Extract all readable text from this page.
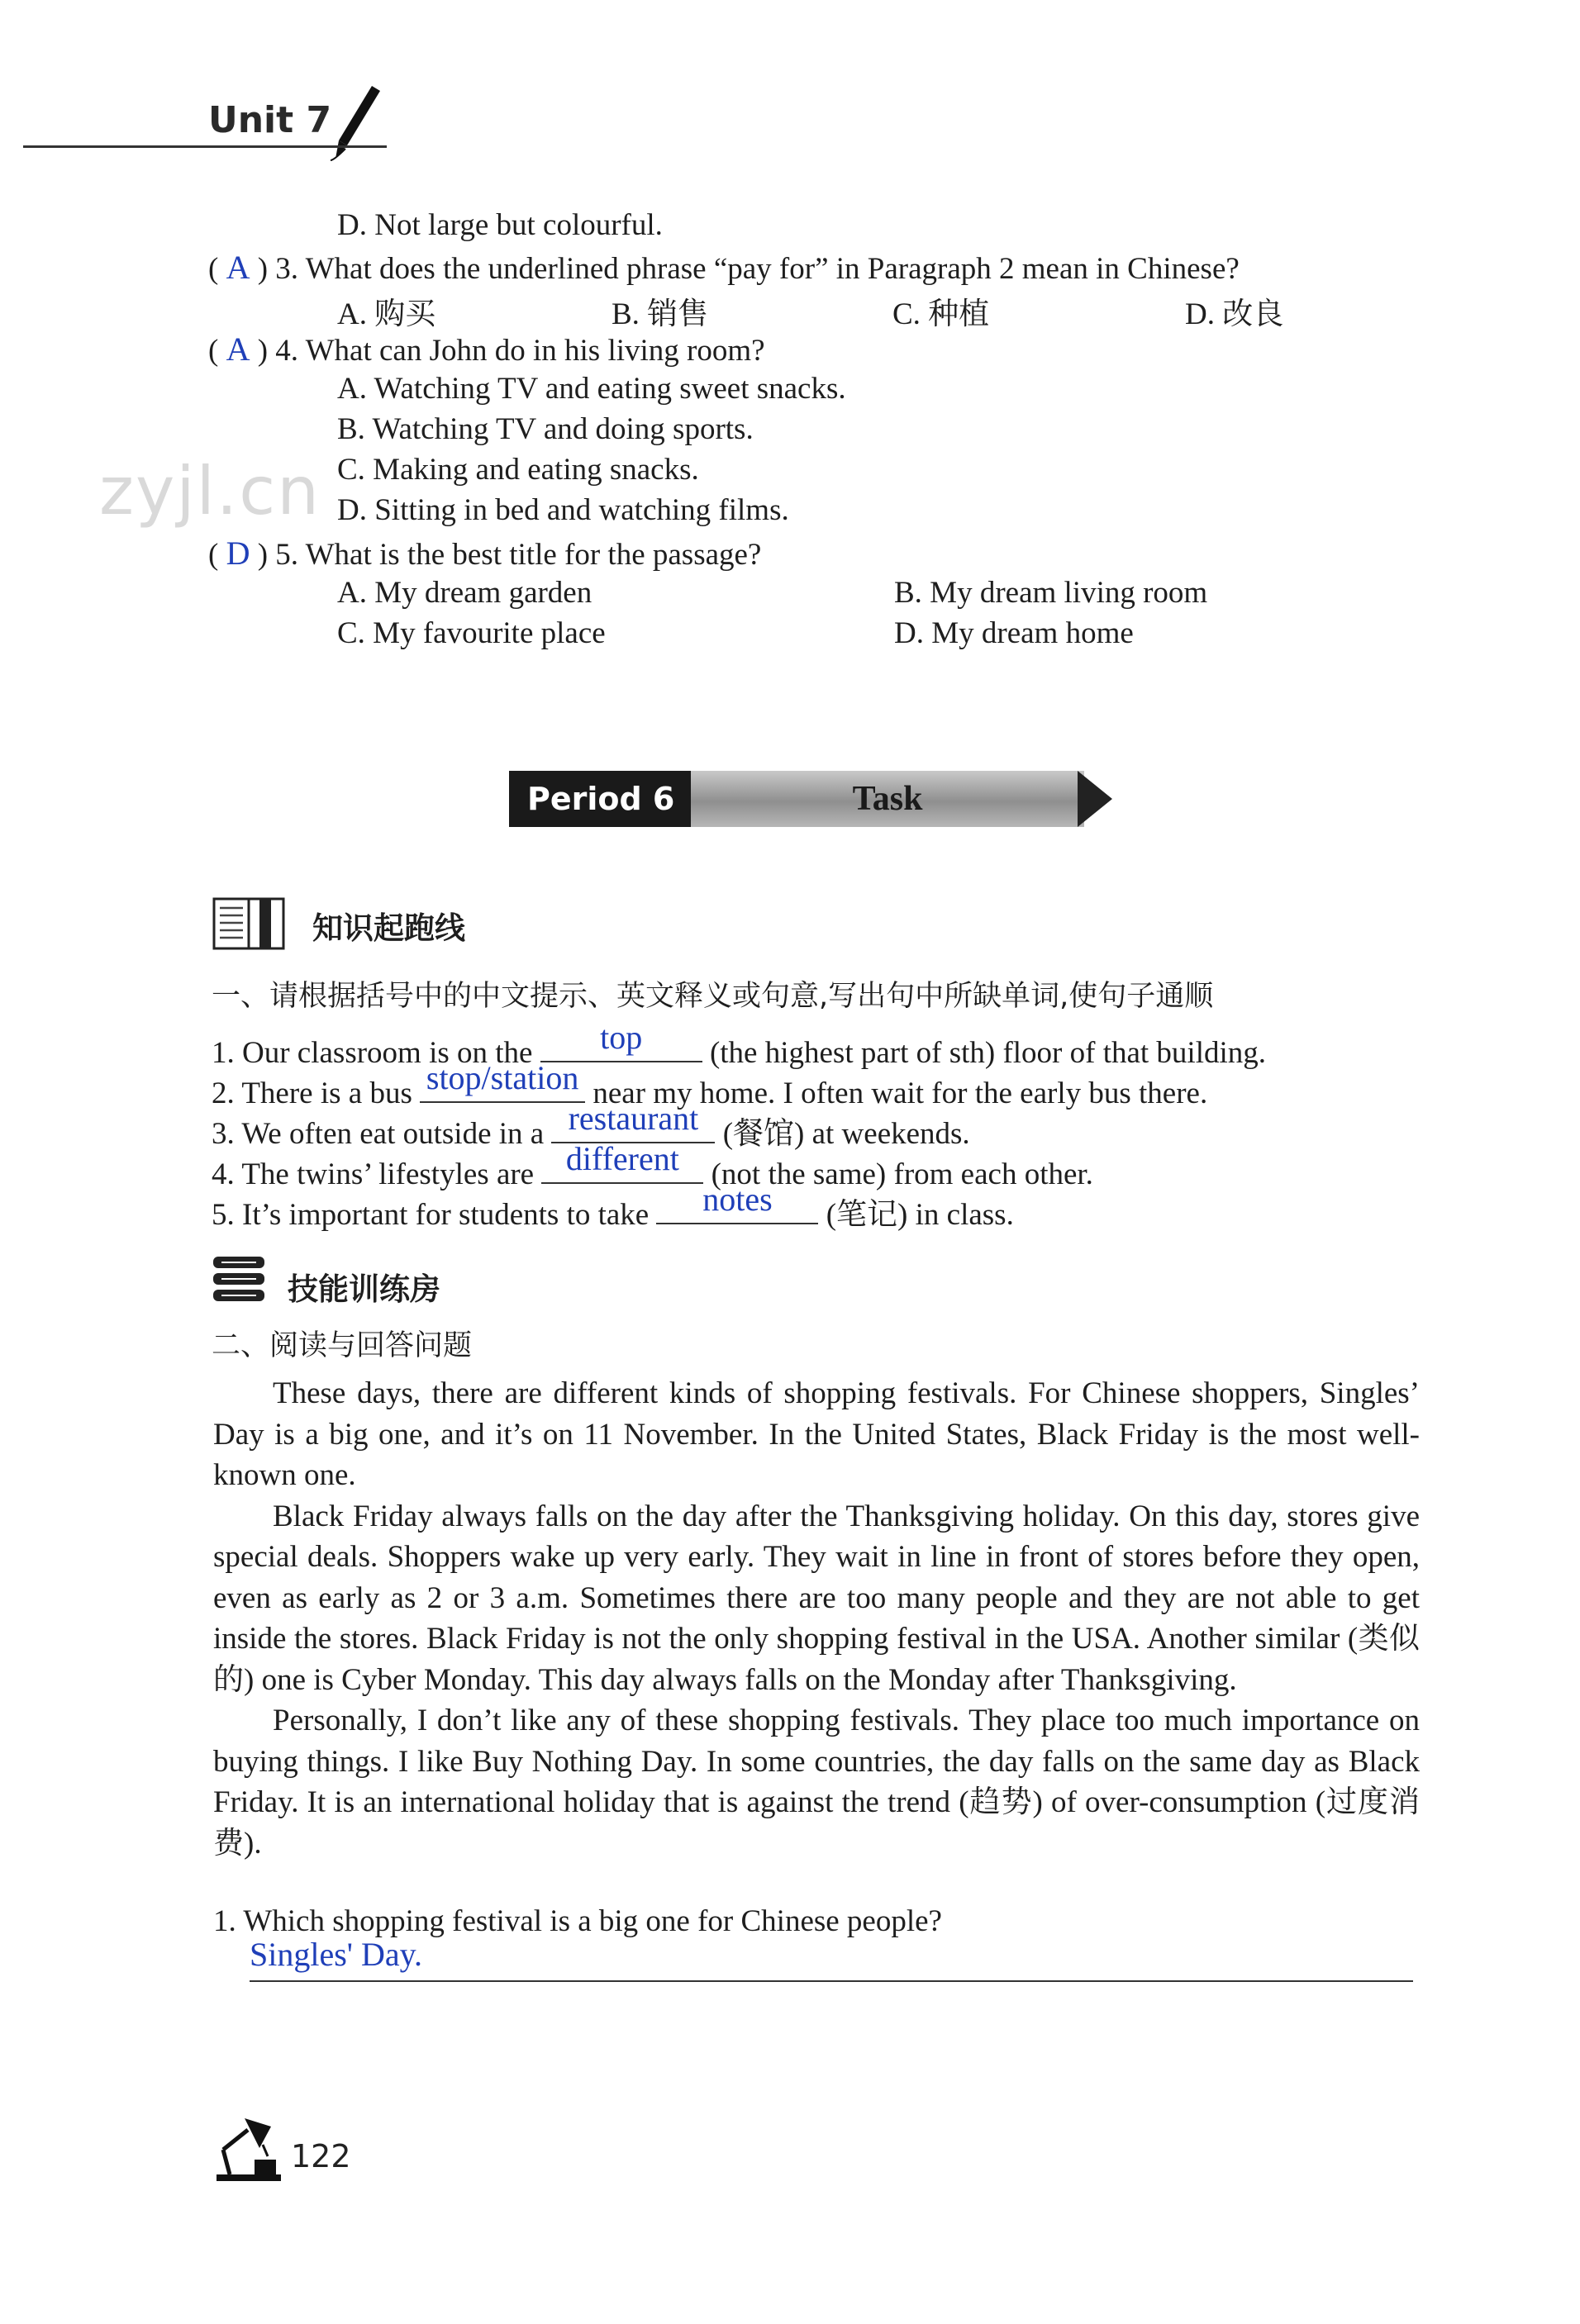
Unit 7
zyjl.cn
D. Not large but colourful.
( A ) 3. What does the underlined phrase “pay for” in Paragraph 2 mean in Chinese?
A. 购买	B. 销售	C. 种植	D. 改良
( A ) 4. What can John do in his living room?
A. Watching TV and eating sweet snacks.
B. Watching TV and doing sports.
C. Making and eating snacks.
D. Sitting in bed and watching films.
( D ) 5. What is the best title for the passage?
A. My dream garden	B. My dream living room
C. My favourite place	D. My dream home
Period 6	Task
知识起跑线
一、请根据括号中的中文提示、英文释义或句意,写出句中所缺单词,使句子通顺
1. Our classroom is on the	top	(the highest part of sth) floor of that building.
2. There is a bus stop/station near my home. I often wait for the early bus there.
3. We often eat outside in a restaurant (餐馆) at weekends.
4. The twins’ lifestyles are different (not the same) from each other.
5. It’s important for students to take	notes	(笔记) in class.
技能训练房
二、阅读与回答问题

These days, there are different kinds of shopping festivals. For Chinese shoppers, Singles’ Day is a big one, and it’s on 11 November. In the United States, Black Friday is the most well-known one.

Black Friday always falls on the day after the Thanksgiving holiday. On this day, stores give special deals. Shoppers wake up very early. They wait in line in front of stores before they open, even as early as 2 or 3 a.m. Sometimes there are too many people and they are not able to get inside the stores. Black Friday is not the only shopping festival in the USA. Another similar (类似的) one is Cyber Monday. This day always falls on the Monday after Thanksgiving.

Personally, I don’t like any of these shopping festivals. They place too much importance on buying things. I like Buy Nothing Day. In some countries, the day falls on the same day as Black Friday. It is an international holiday that is against the trend (趋势) of over-consumption (过度消费).

1. Which shopping festival is a big one for Chinese people?
Singles' Day.
122
